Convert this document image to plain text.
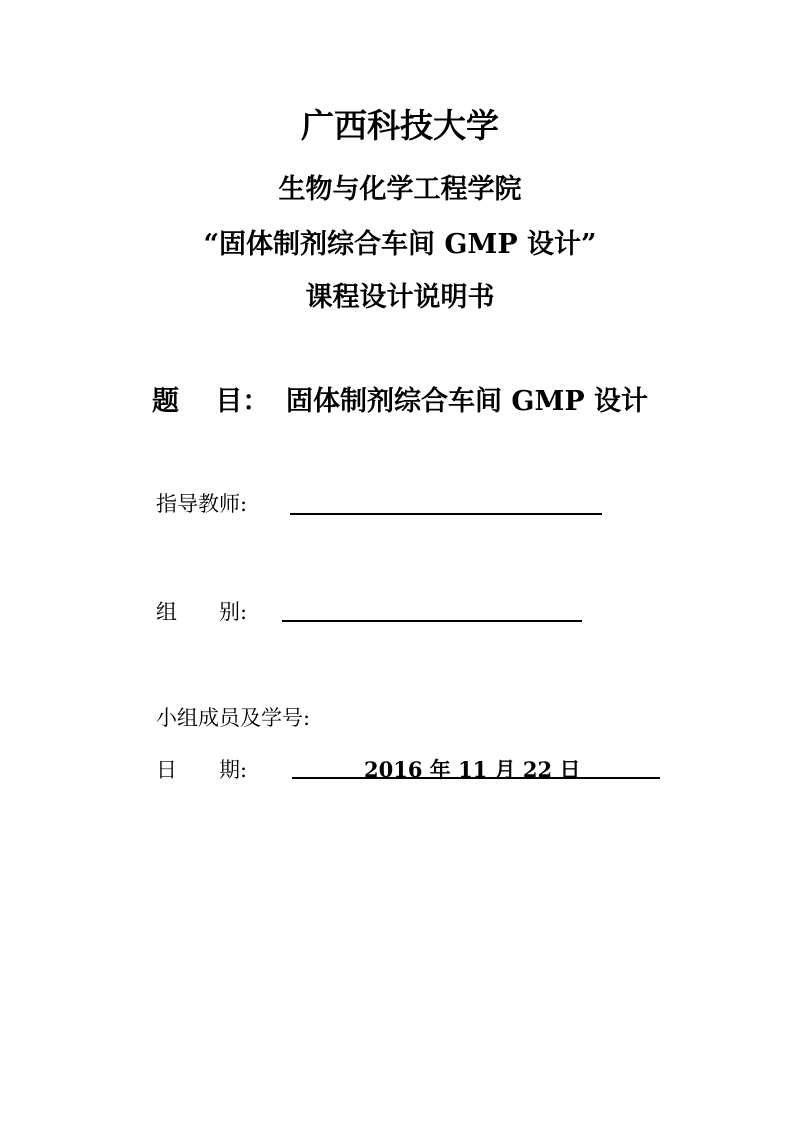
广西科技大学
生物与化学工程学院
“固体制剂综合车间 GMP 设计”
课程设计说明书
题　 目： 固体制剂综合车间 GMP 设计
指导教师:
组　　别:
小组成员及学号:
日　　期:	2016 年 11 月 22 日
